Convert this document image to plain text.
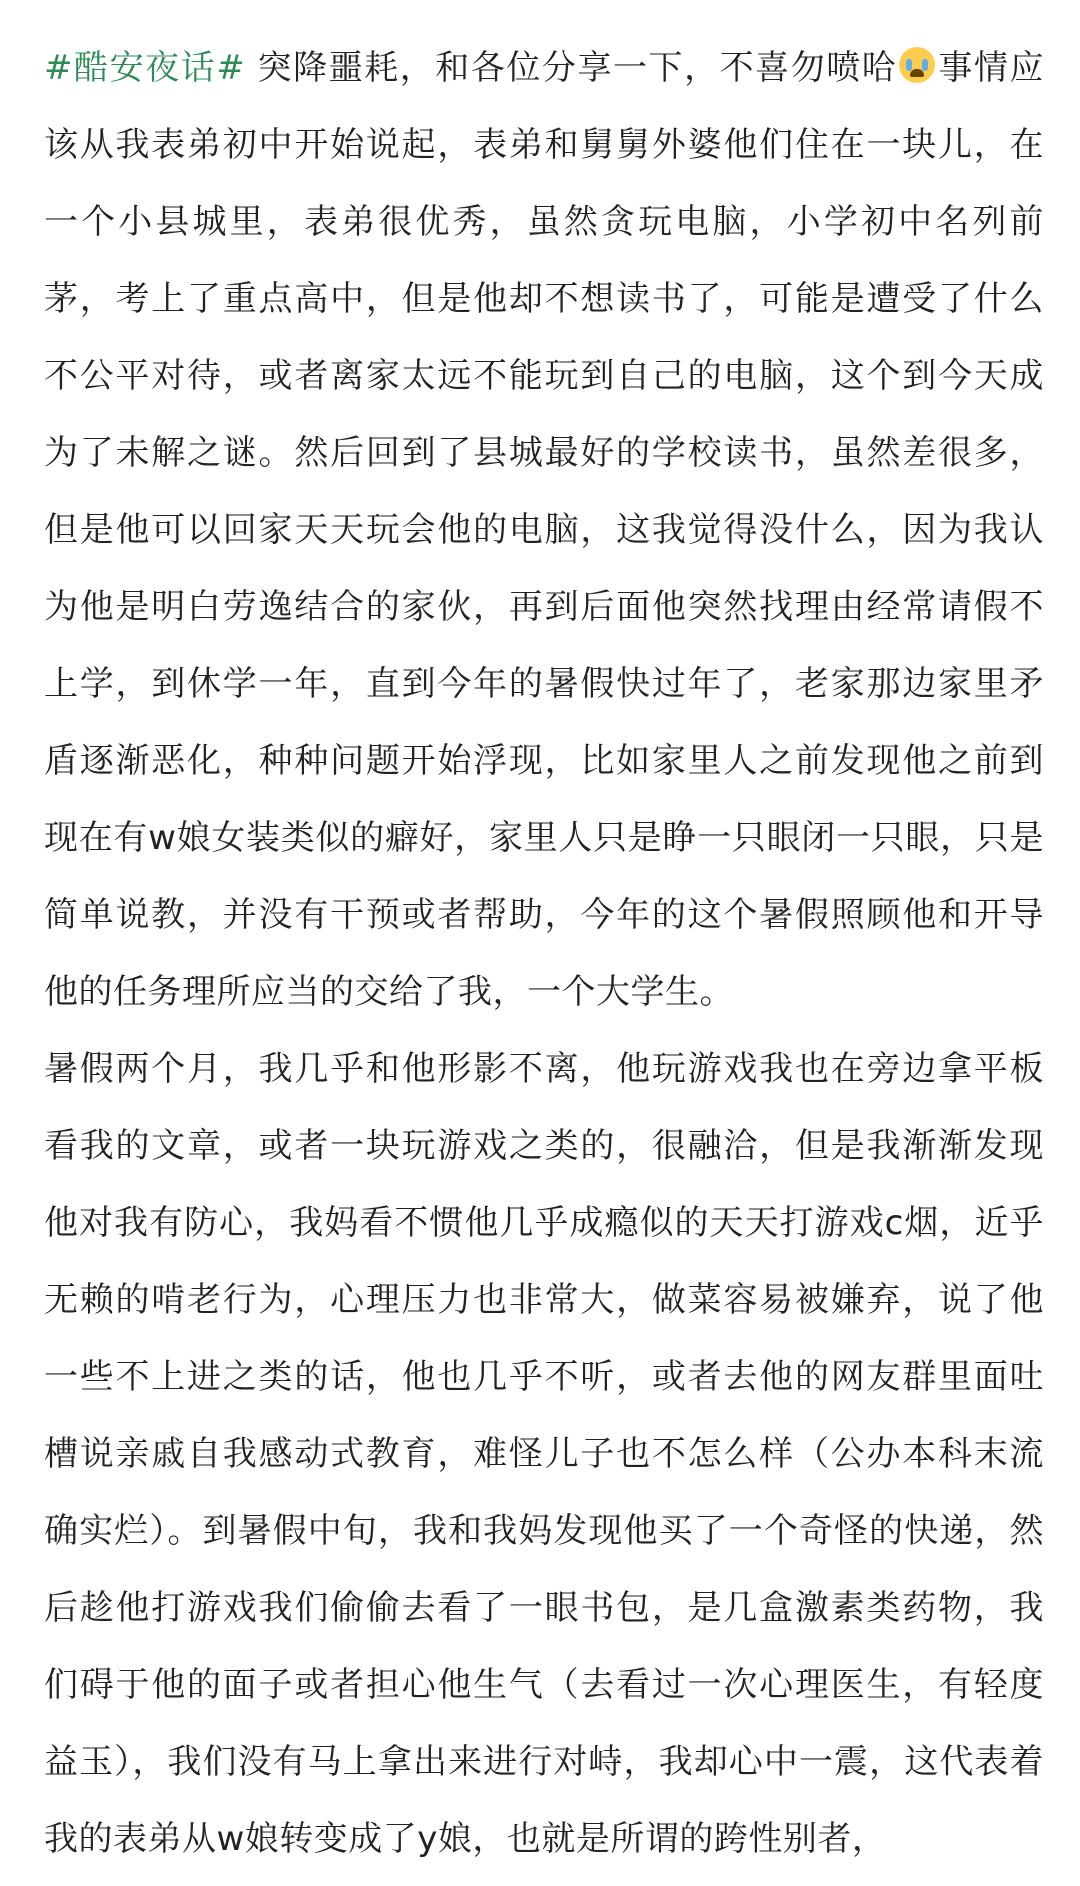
#酷安夜话# 突降噩耗，和各位分享一下，不喜勿喷哈 事情应该从我表弟初中开始说起，表弟和舅舅外婆他们住在一块儿，在一个小县城里，表弟很优秀，虽然贪玩电脑，小学初中名列前茅，考上了重点高中，但是他却不想读书了，可能是遭受了什么不公平对待，或者离家太远不能玩到自己的电脑，这个到今天成为了未解之谜。然后回到了县城最好的学校读书，虽然差很多，但是他可以回家天天玩会他的电脑，这我觉得没什么，因为我认为他是明白劳逸结合的家伙，再到后面他突然找理由经常请假不上学，到休学一年，直到今年的暑假快过年了，老家那边家里矛盾逐渐恶化，种种问题开始浮现，比如家里人之前发现他之前到现在有w娘女装类似的癖好，家里人只是睁一只眼闭一只眼，只是简单说教，并没有干预或者帮助，今年的这个暑假照顾他和开导他的任务理所应当的交给了我，一个大学生。

暑假两个月，我几乎和他形影不离，他玩游戏我也在旁边拿平板看我的文章，或者一块玩游戏之类的，很融洽，但是我渐渐发现他对我有防心，我妈看不惯他几乎成瘾似的天天打游戏c烟，近乎无赖的啃老行为，心理压力也非常大，做菜容易被嫌弃，说了他一些不上进之类的话，他也几乎不听，或者去他的网友群里面吐槽说亲戚自我感动式教育，难怪儿子也不怎么样（公办本科末流确实烂）。到暑假中旬，我和我妈发现他买了一个奇怪的快递，然后趁他打游戏我们偷偷去看了一眼书包，是几盒激素类药物，我们碍于他的面子或者担心他生气（去看过一次心理医生，有轻度益玉），我们没有马上拿出来进行对峙，我却心中一震，这代表着我的表弟从w娘转变成了y娘，也就是所谓的跨性别者，
